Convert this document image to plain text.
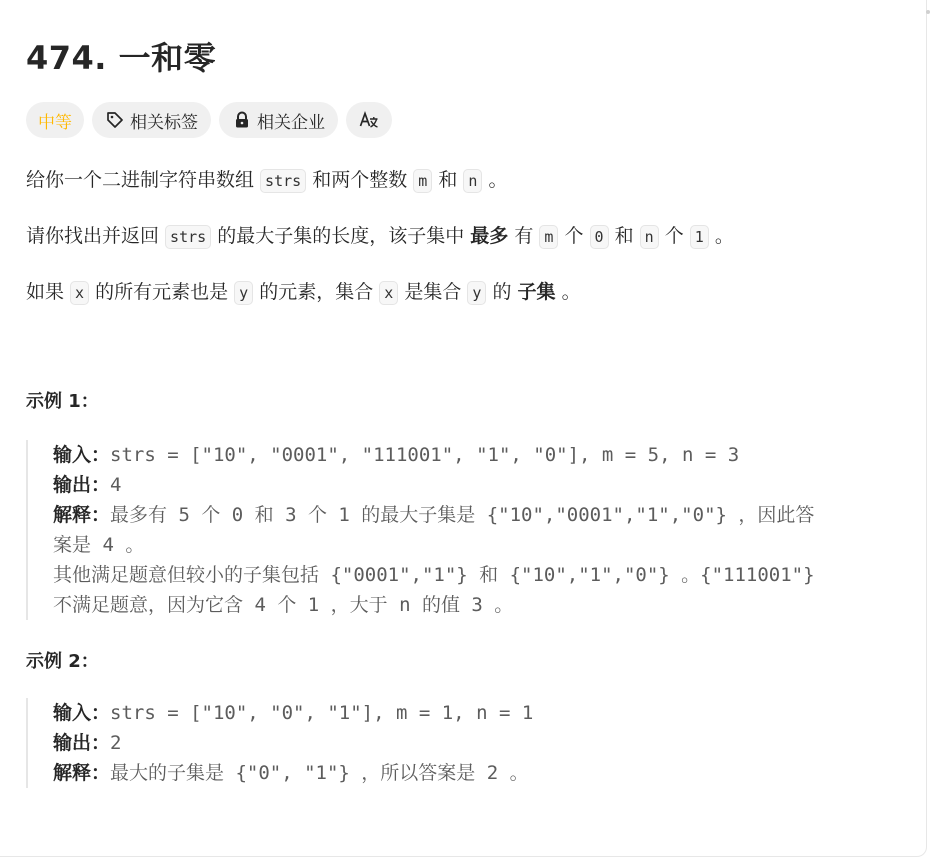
474. 一和零
中等	相关标签	相关企业

给你一个二进制字符串数组 strs 和两个整数 m 和 n 。

请你找出并返回 strs 的最大子集的长度，该子集中 最多 有 m 个 0 和 n 个 1 。

如果 x 的所有元素也是 y 的元素，集合 x 是集合 y 的 子集 。

示例 1：

输入：strs = ["10", "0001", "111001", "1", "0"], m = 5, n = 3
输出：4
解释：最多有 5 个 0 和 3 个 1 的最大子集是 {"10","0001","1","0"} ，因此答
案是 4 。
其他满足题意但较小的子集包括 {"0001","1"} 和 {"10","1","0"} 。{"111001"}
不满足题意，因为它含 4 个 1 ，大于 n 的值 3 。

示例 2：

输入：strs = ["10", "0", "1"], m = 1, n = 1
输出：2
解释：最大的子集是 {"0", "1"} ，所以答案是 2 。
